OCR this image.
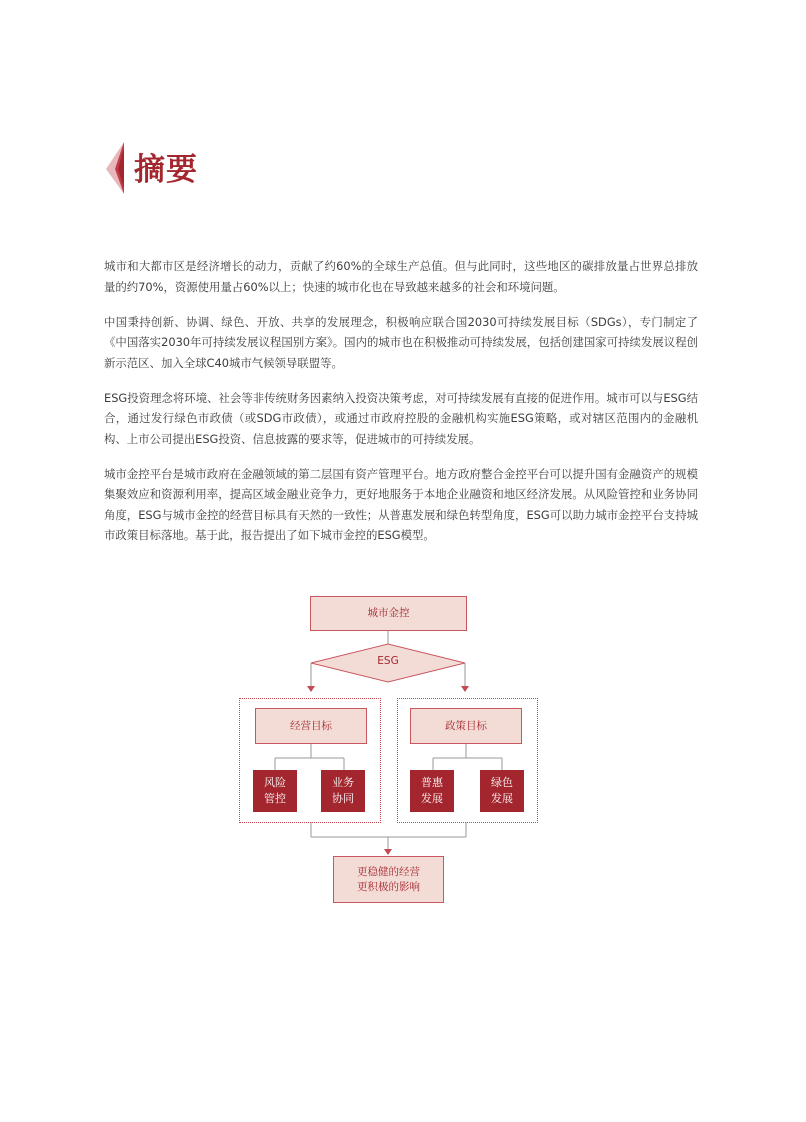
摘要

城市和大都市区是经济增长的动力，贡献了约60%的全球生产总值。但与此同时，这些地区的碳排放量占世界总排放量的约70%，资源使用量占60%以上；快速的城市化也在导致越来越多的社会和环境问题。

中国秉持创新、协调、绿色、开放、共享的发展理念，积极响应联合国2030可持续发展目标（SDGs），专门制定了《中国落实2030年可持续发展议程国别方案》。国内的城市也在积极推动可持续发展，包括创建国家可持续发展议程创新示范区、加入全球C40城市气候领导联盟等。

ESG投资理念将环境、社会等非传统财务因素纳入投资决策考虑，对可持续发展有直接的促进作用。城市可以与ESG结合，通过发行绿色市政债（或SDG市政债），或通过市政府控股的金融机构实施ESG策略，或对辖区范围内的金融机构、上市公司提出ESG投资、信息披露的要求等，促进城市的可持续发展。

城市金控平台是城市政府在金融领域的第二层国有资产管理平台。地方政府整合金控平台可以提升国有金融资产的规模集聚效应和资源利用率，提高区域金融业竞争力，更好地服务于本地企业融资和地区经济发展。从风险管控和业务协同角度，ESG与城市金控的经营目标具有天然的一致性；从普惠发展和绿色转型角度，ESG可以助力城市金控平台支持城市政策目标落地。基于此，报告提出了如下城市金控的ESG模型。

城市金控
ESG
经营目标
风险
管控
业务
协同
政策目标
普惠
发展
绿色
发展
更稳健的经营
更积极的影响
